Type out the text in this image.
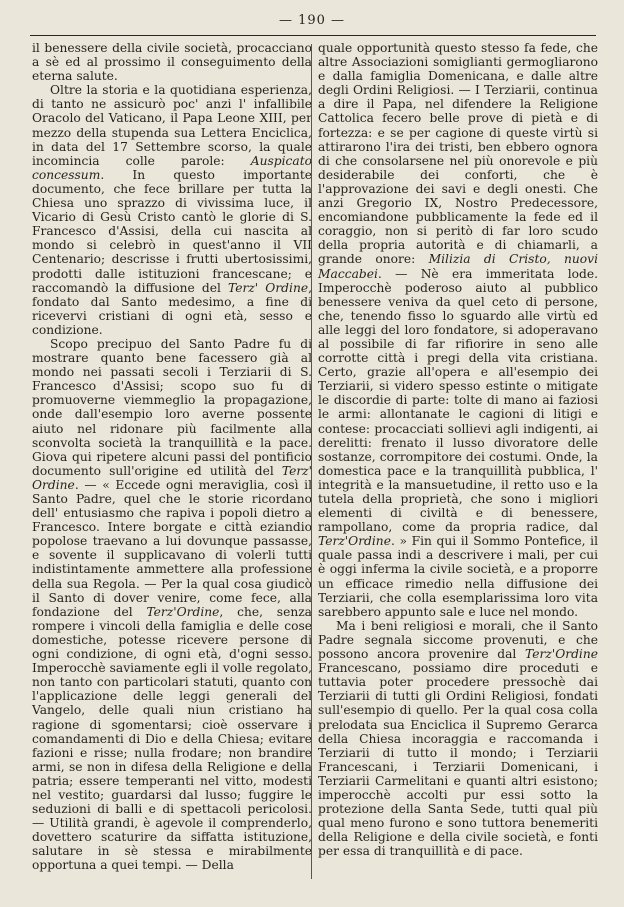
— 190 —

il benessere della civile società, procacciano a sè ed al prossimo il conseguimento della eterna salute.

Oltre la storia e la quotidiana esperienza, di tanto ne assicurò poc' anzi l' infallibile Oracolo del Vaticano, il Papa Leone XIII, per mezzo della stupenda sua Lettera Enciclica, in data del 17 Settembre scorso, la quale incomincia colle parole: Auspicato concessum. In questo importante documento, che fece brillare per tutta la Chiesa uno sprazzo di vivissima luce, il Vicario di Gesù Cristo cantò le glorie di S. Francesco d'Assisi, della cui nascita al mondo si celebrò in quest'anno il VII Centenario; descrisse i frutti ubertosissimi, prodotti dalle istituzioni francescane; e raccomandò la diffusione del Terz' Ordine, fondato dal Santo medesimo, a fine di ricevervi cristiani di ogni età, sesso e condizione.

Scopo precipuo del Santo Padre fu di mostrare quanto bene facessero già al mondo nei passati secoli i Terziarii di S. Francesco d'Assisi; scopo suo fu di promuoverne viemmeglio la propagazione, onde dall'esempio loro averne possente aiuto nel ridonare più facilmente alla sconvolta società la tranquillità e la pace. Giova qui ripetere alcuni passi del pontificio documento sull'origine ed utilità del Terz' Ordine. — « Eccede ogni meraviglia, così il Santo Padre, quel che le storie ricordano dell' entusiasmo che rapiva i popoli dietro a Francesco. Intere borgate e città eziandio popolose traevano a lui dovunque passasse, e sovente il supplicavano di volerli tutti indistintamente ammettere alla professione della sua Regola. — Per la qual cosa giudicò il Santo di dover venire, come fece, alla fondazione del Terz'Ordine, che, senza rompere i vincoli della famiglia e delle cose domestiche, potesse ricevere persone di ogni condizione, di ogni età, d'ogni sesso. Imperocchè saviamente egli il volle regolato, non tanto con particolari statuti, quanto con l'applicazione delle leggi generali del Vangelo, delle quali niun cristiano ha ragione di sgomentarsi; cioè osservare i comandamenti di Dio e della Chiesa; evitare fazioni e risse; nulla frodare; non brandire armi, se non in difesa della Religione e della patria; essere temperanti nel vitto, modesti nel vestito; guardarsi dal lusso; fuggire le seduzioni di balli e di spettacoli pericolosi. — Utilità grandi, è agevole il comprenderlo, dovettero scaturire da siffatta istituzione, salutare in sè stessa e mirabilmente opportuna a quei tempi. — Della

quale opportunità questo stesso fa fede, che altre Associazioni somiglianti germogliarono e dalla famiglia Domenicana, e dalle altre degli Ordini Religiosi. — I Terziarii, continua a dire il Papa, nel difendere la Religione Cattolica fecero belle prove di pietà e di fortezza: e se per cagione di queste virtù si attirarono l'ira dei tristi, ben ebbero ognora di che consolarsene nel più onorevole e più desiderabile dei conforti, che è l'approvazione dei savi e degli onesti. Che anzi Gregorio IX, Nostro Predecessore, encomiandone pubblicamente la fede ed il coraggio, non si peritò di far loro scudo della propria autorità e di chiamarli, a grande onore: Milizia di Cristo, nuovi Maccabei. — Nè era immeritata lode. Imperocchè poderoso aiuto al pubblico benessere veniva da quel ceto di persone, che, tenendo fisso lo sguardo alle virtù ed alle leggi del loro fondatore, si adoperavano al possibile di far rifiorire in seno alle corrotte città i pregi della vita cristiana. Certo, grazie all'opera e all'esempio dei Terziarii, si videro spesso estinte o mitigate le discordie di parte: tolte di mano ai faziosi le armi: allontanate le cagioni di litigi e contese: procacciati sollievi agli indigenti, ai derelitti: frenato il lusso divoratore delle sostanze, corrompitore dei costumi. Onde, la domestica pace e la tranquillità pubblica, l' integrità e la mansuetudine, il retto uso e la tutela della proprietà, che sono i migliori elementi di civiltà e di benessere, rampollano, come da propria radice, dal Terz'Ordine. » Fin qui il Sommo Pontefice, il quale passa indi a descrivere i mali, per cui è oggi inferma la civile società, e a proporre un efficace rimedio nella diffusione dei Terziarii, che colla esemplarissima loro vita sarebbero appunto sale e luce nel mondo.

Ma i beni religiosi e morali, che il Santo Padre segnala siccome provenuti, e che possono ancora provenire dal Terz'Ordine Francescano, possiamo dire proceduti e tuttavia poter procedere pressochè dai Terziarii di tutti gli Ordini Religiosi, fondati sull'esempio di quello. Per la qual cosa colla prelodata sua Enciclica il Supremo Gerarca della Chiesa incoraggia e raccomanda i Terziarii di tutto il mondo; i Terziarii Francescani, i Terziarii Domenicani, i Terziarii Carmelitani e quanti altri esistono; imperocchè accolti pur essi sotto la protezione della Santa Sede, tutti qual più qual meno furono e sono tuttora benemeriti della Religione e della civile società, e fonti per essa di tranquillità e di pace.
